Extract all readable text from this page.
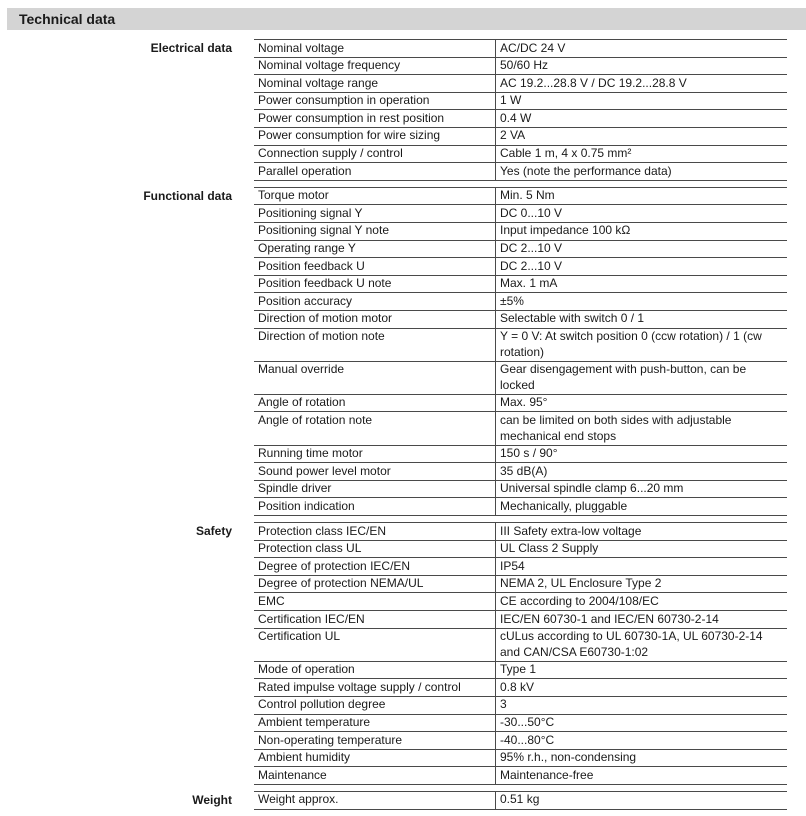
Technical data
Electrical data	Nominal voltage	AC/DC 24 V
Nominal voltage frequency	50/60 Hz
Nominal voltage range	AC 19.2...28.8 V / DC 19.2...28.8 V
Power consumption in operation	1 W
Power consumption in rest position	0.4 W
Power consumption for wire sizing	2 VA
Connection supply / control	Cable 1 m, 4 x 0.75 mm²
Parallel operation	Yes (note the performance data)
Functional data	Torque motor	Min. 5 Nm
Positioning signal Y	DC 0...10 V
Positioning signal Y note	Input impedance 100 kΩ
Operating range Y	DC 2...10 V
Position feedback U	DC 2...10 V
Position feedback U note	Max. 1 mA
Position accuracy	±5%
Direction of motion motor	Selectable with switch 0 / 1
Direction of motion note	Y = 0 V: At switch position 0 (ccw rotation) / 1 (cw rotation)
Manual override	Gear disengagement with push-button, can be locked
Angle of rotation	Max. 95°
Angle of rotation note	can be limited on both sides with adjustable mechanical end stops
Running time motor	150 s / 90°
Sound power level motor	35 dB(A)
Spindle driver	Universal spindle clamp 6...20 mm
Position indication	Mechanically, pluggable
Safety	Protection class IEC/EN	III Safety extra-low voltage
Protection class UL	UL Class 2 Supply
Degree of protection IEC/EN	IP54
Degree of protection NEMA/UL	NEMA 2, UL Enclosure Type 2
EMC	CE according to 2004/108/EC
Certification IEC/EN	IEC/EN 60730-1 and IEC/EN 60730-2-14
Certification UL	cULus according to UL 60730-1A, UL 60730-2-14 and CAN/CSA E60730-1:02
Mode of operation	Type 1
Rated impulse voltage supply / control	0.8 kV
Control pollution degree	3
Ambient temperature	-30...50°C
Non-operating temperature	-40...80°C
Ambient humidity	95% r.h., non-condensing
Maintenance	Maintenance-free
Weight	Weight approx.	0.51 kg
